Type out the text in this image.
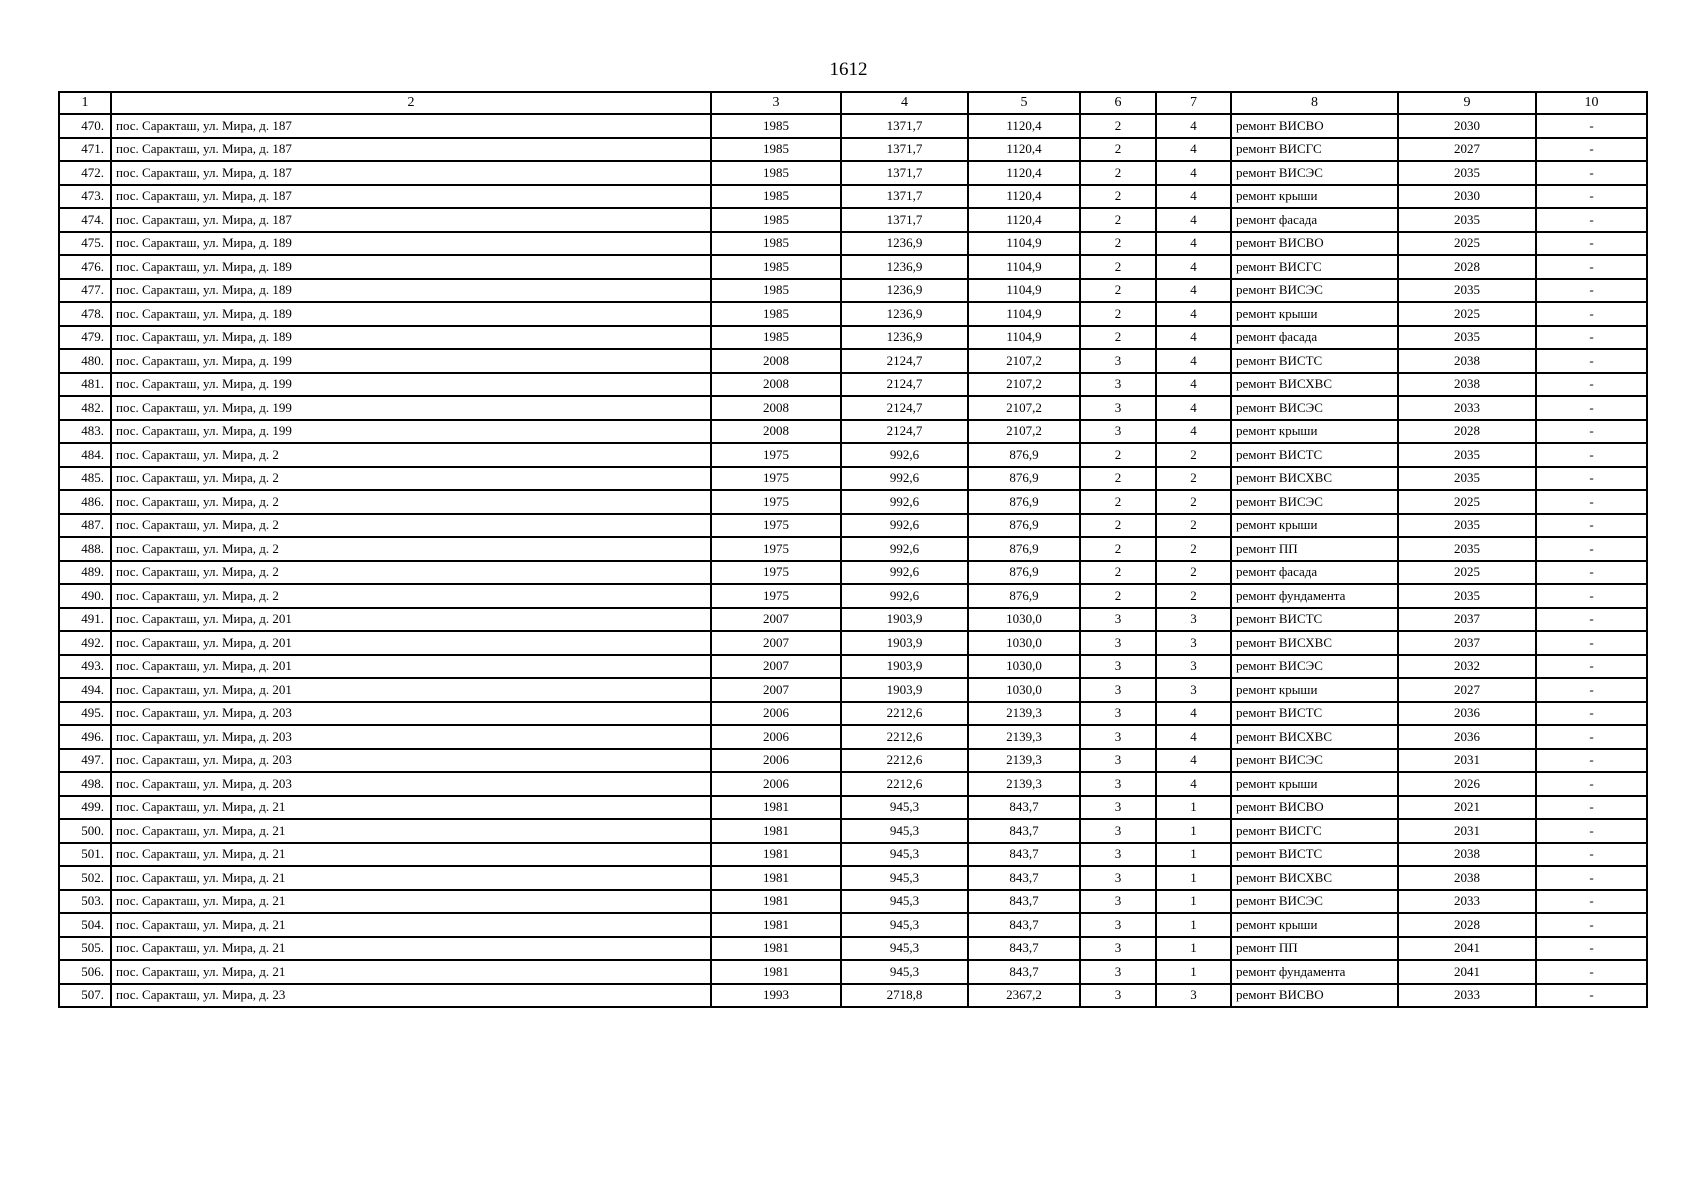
1612
1	2	3	4	5	6	7	8	9	10
470.	пос. Саракташ, ул. Мира, д. 187	1985	1371,7	1120,4	2	4	ремонт ВИСВО	2030	-
471.	пос. Саракташ, ул. Мира, д. 187	1985	1371,7	1120,4	2	4	ремонт ВИСГС	2027	-
472.	пос. Саракташ, ул. Мира, д. 187	1985	1371,7	1120,4	2	4	ремонт ВИСЭС	2035	-
473.	пос. Саракташ, ул. Мира, д. 187	1985	1371,7	1120,4	2	4	ремонт крыши	2030	-
474.	пос. Саракташ, ул. Мира, д. 187	1985	1371,7	1120,4	2	4	ремонт фасада	2035	-
475.	пос. Саракташ, ул. Мира, д. 189	1985	1236,9	1104,9	2	4	ремонт ВИСВО	2025	-
476.	пос. Саракташ, ул. Мира, д. 189	1985	1236,9	1104,9	2	4	ремонт ВИСГС	2028	-
477.	пос. Саракташ, ул. Мира, д. 189	1985	1236,9	1104,9	2	4	ремонт ВИСЭС	2035	-
478.	пос. Саракташ, ул. Мира, д. 189	1985	1236,9	1104,9	2	4	ремонт крыши	2025	-
479.	пос. Саракташ, ул. Мира, д. 189	1985	1236,9	1104,9	2	4	ремонт фасада	2035	-
480.	пос. Саракташ, ул. Мира, д. 199	2008	2124,7	2107,2	3	4	ремонт ВИСТС	2038	-
481.	пос. Саракташ, ул. Мира, д. 199	2008	2124,7	2107,2	3	4	ремонт ВИСХВС	2038	-
482.	пос. Саракташ, ул. Мира, д. 199	2008	2124,7	2107,2	3	4	ремонт ВИСЭС	2033	-
483.	пос. Саракташ, ул. Мира, д. 199	2008	2124,7	2107,2	3	4	ремонт крыши	2028	-
484.	пос. Саракташ, ул. Мира, д. 2	1975	992,6	876,9	2	2	ремонт ВИСТС	2035	-
485.	пос. Саракташ, ул. Мира, д. 2	1975	992,6	876,9	2	2	ремонт ВИСХВС	2035	-
486.	пос. Саракташ, ул. Мира, д. 2	1975	992,6	876,9	2	2	ремонт ВИСЭС	2025	-
487.	пос. Саракташ, ул. Мира, д. 2	1975	992,6	876,9	2	2	ремонт крыши	2035	-
488.	пос. Саракташ, ул. Мира, д. 2	1975	992,6	876,9	2	2	ремонт ПП	2035	-
489.	пос. Саракташ, ул. Мира, д. 2	1975	992,6	876,9	2	2	ремонт фасада	2025	-
490.	пос. Саракташ, ул. Мира, д. 2	1975	992,6	876,9	2	2	ремонт фундамента	2035	-
491.	пос. Саракташ, ул. Мира, д. 201	2007	1903,9	1030,0	3	3	ремонт ВИСТС	2037	-
492.	пос. Саракташ, ул. Мира, д. 201	2007	1903,9	1030,0	3	3	ремонт ВИСХВС	2037	-
493.	пос. Саракташ, ул. Мира, д. 201	2007	1903,9	1030,0	3	3	ремонт ВИСЭС	2032	-
494.	пос. Саракташ, ул. Мира, д. 201	2007	1903,9	1030,0	3	3	ремонт крыши	2027	-
495.	пос. Саракташ, ул. Мира, д. 203	2006	2212,6	2139,3	3	4	ремонт ВИСТС	2036	-
496.	пос. Саракташ, ул. Мира, д. 203	2006	2212,6	2139,3	3	4	ремонт ВИСХВС	2036	-
497.	пос. Саракташ, ул. Мира, д. 203	2006	2212,6	2139,3	3	4	ремонт ВИСЭС	2031	-
498.	пос. Саракташ, ул. Мира, д. 203	2006	2212,6	2139,3	3	4	ремонт крыши	2026	-
499.	пос. Саракташ, ул. Мира, д. 21	1981	945,3	843,7	3	1	ремонт ВИСВО	2021	-
500.	пос. Саракташ, ул. Мира, д. 21	1981	945,3	843,7	3	1	ремонт ВИСГС	2031	-
501.	пос. Саракташ, ул. Мира, д. 21	1981	945,3	843,7	3	1	ремонт ВИСТС	2038	-
502.	пос. Саракташ, ул. Мира, д. 21	1981	945,3	843,7	3	1	ремонт ВИСХВС	2038	-
503.	пос. Саракташ, ул. Мира, д. 21	1981	945,3	843,7	3	1	ремонт ВИСЭС	2033	-
504.	пос. Саракташ, ул. Мира, д. 21	1981	945,3	843,7	3	1	ремонт крыши	2028	-
505.	пос. Саракташ, ул. Мира, д. 21	1981	945,3	843,7	3	1	ремонт ПП	2041	-
506.	пос. Саракташ, ул. Мира, д. 21	1981	945,3	843,7	3	1	ремонт фундамента	2041	-
507.	пос. Саракташ, ул. Мира, д. 23	1993	2718,8	2367,2	3	3	ремонт ВИСВО	2033	-
